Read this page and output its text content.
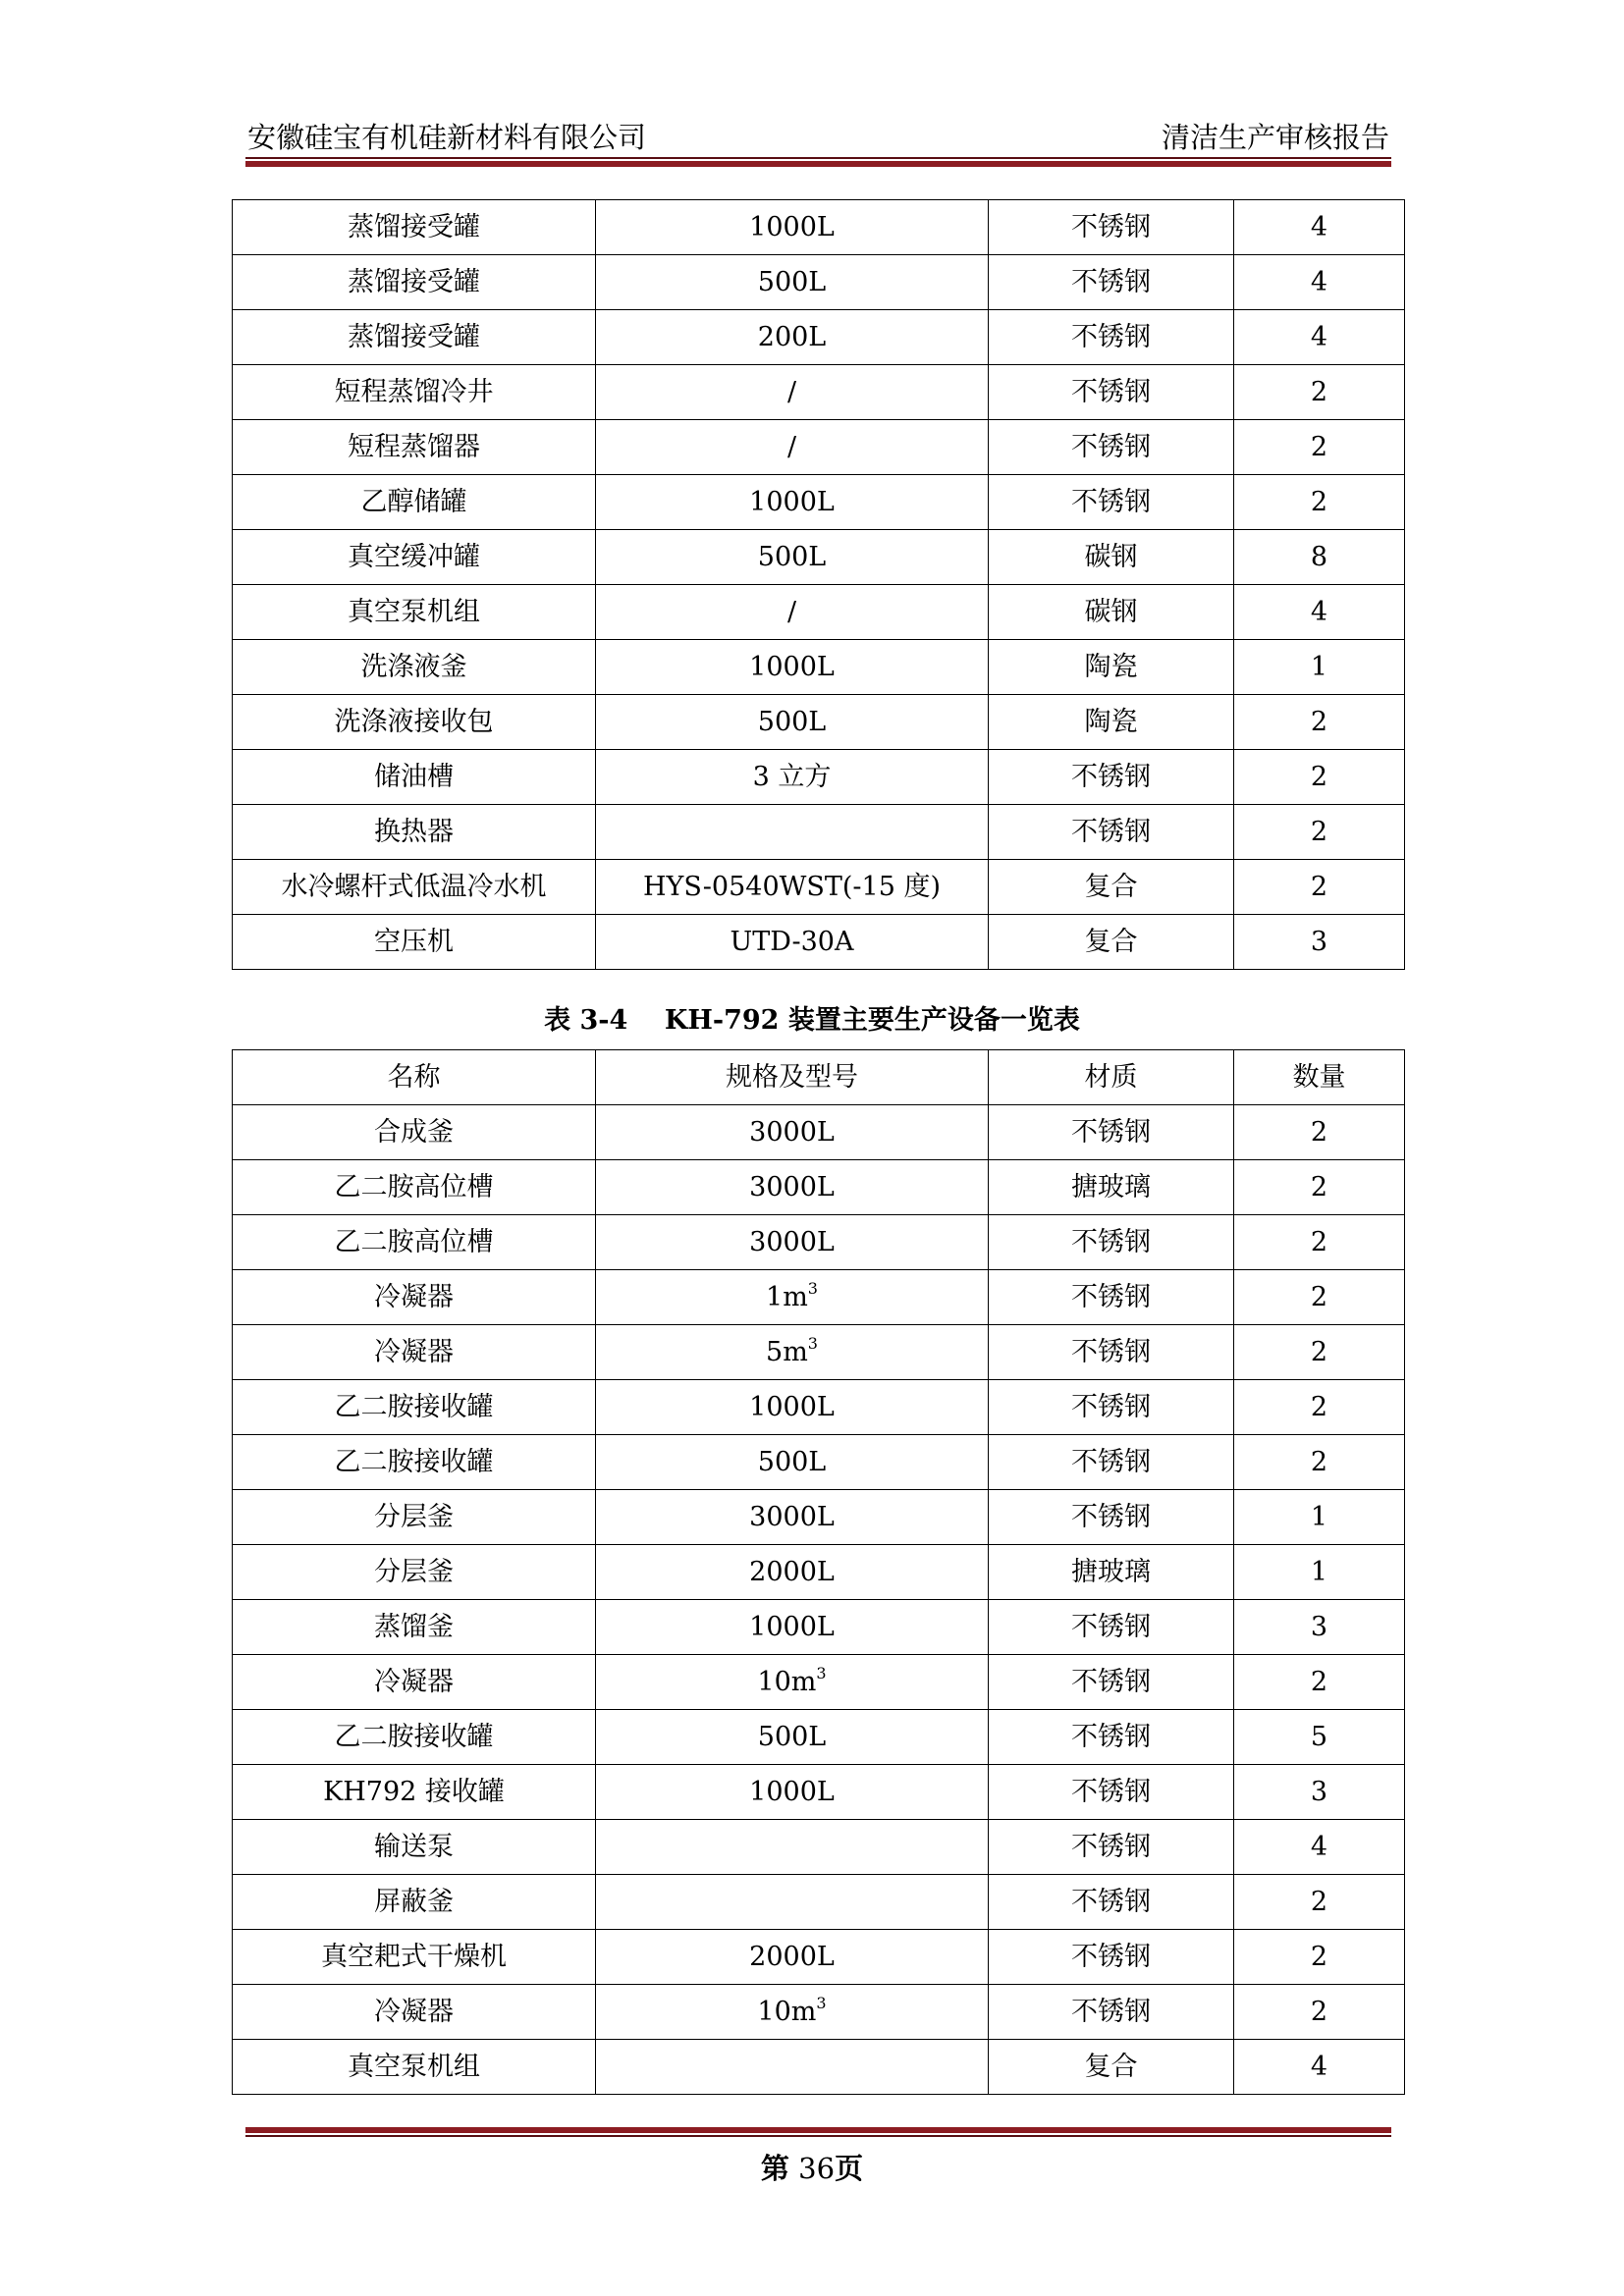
安徽硅宝有机硅新材料有限公司	清洁生产审核报告
蒸馏接受罐	1000L	不锈钢	4
蒸馏接受罐	500L	不锈钢	4
蒸馏接受罐	200L	不锈钢	4
短程蒸馏冷井	/	不锈钢	2
短程蒸馏器	/	不锈钢	2
乙醇储罐	1000L	不锈钢	2
真空缓冲罐	500L	碳钢	8
真空泵机组	/	碳钢	4
洗涤液釜	1000L	陶瓷	1
洗涤液接收包	500L	陶瓷	2
储油槽	3 立方	不锈钢	2
换热器		不锈钢	2
水冷螺杆式低温冷水机	HYS-0540WST(-15 度)	复合	2
空压机	UTD-30A	复合	3
表 3-4    KH-792 装置主要生产设备一览表
名称	规格及型号	材质	数量
合成釜	3000L	不锈钢	2
乙二胺高位槽	3000L	搪玻璃	2
乙二胺高位槽	3000L	不锈钢	2
冷凝器	$1m^3$	不锈钢	2
冷凝器	$5m^3$	不锈钢	2
乙二胺接收罐	1000L	不锈钢	2
乙二胺接收罐	500L	不锈钢	2
分层釜	3000L	不锈钢	1
分层釜	2000L	搪玻璃	1
蒸馏釜	1000L	不锈钢	3
冷凝器	$10m^3$	不锈钢	2
乙二胺接收罐	500L	不锈钢	5
KH792 接收罐	1000L	不锈钢	3
输送泵		不锈钢	4
屏蔽釜		不锈钢	2
真空耙式干燥机	2000L	不锈钢	2
冷凝器	$10m^3$	不锈钢	2
真空泵机组		复合	4
第 36页
